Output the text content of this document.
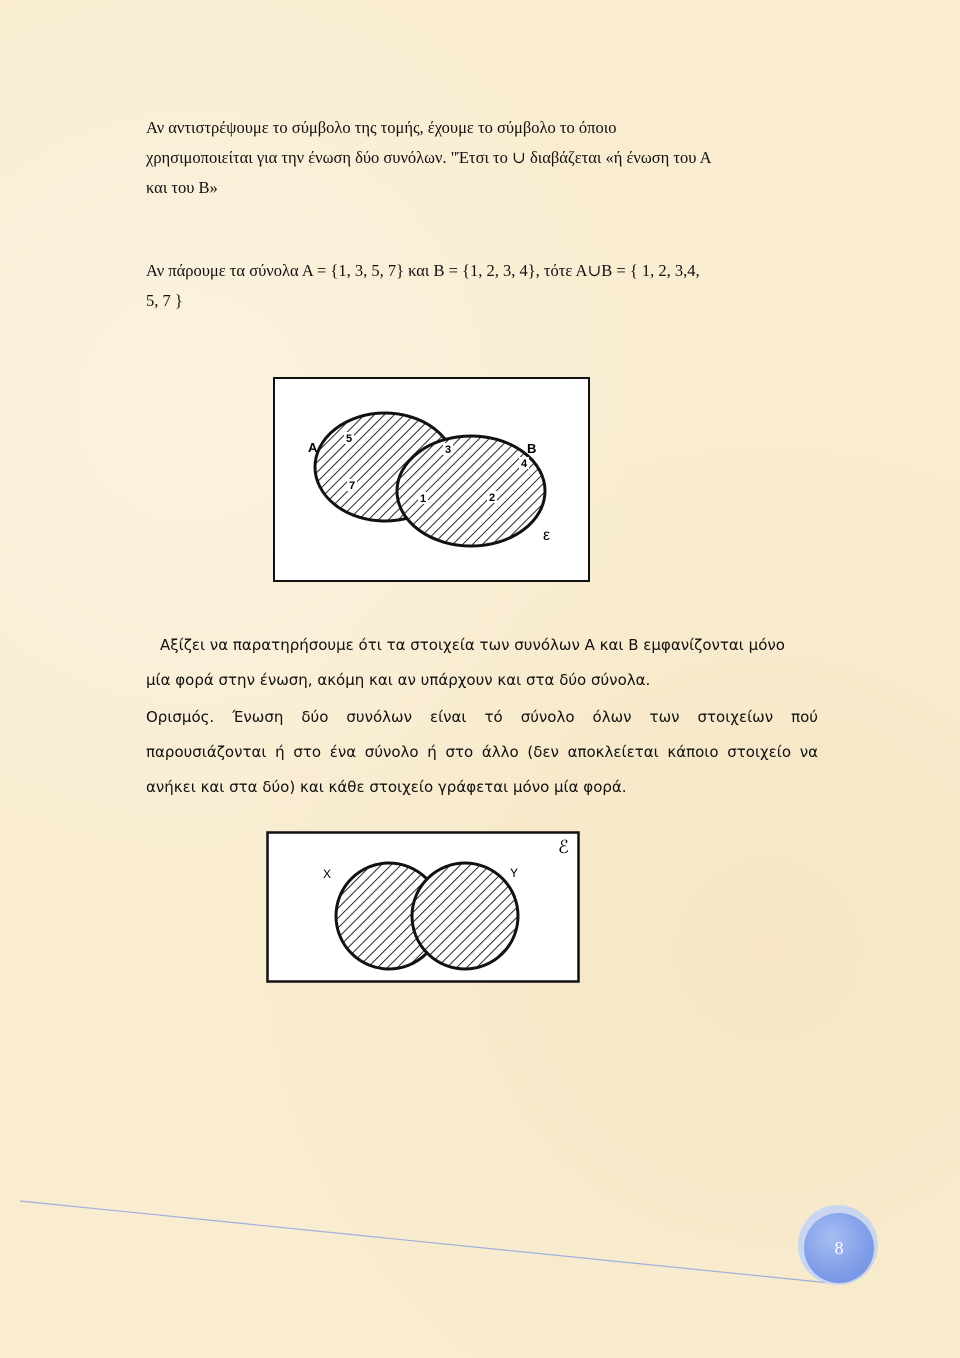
Αν αντιστρέψουμε το σύμβολο της τομής, έχουμε το σύμβολο το όποιο
χρησιμοποιείται για την ένωση δύο συνόλων. "Έτσι το ∪ διαβάζεται «ή ένωση του Α
και του Β»
Αν πάρουμε τα σύνολα Α = {1, 3, 5, 7} και Β = {1, 2, 3, 4}, τότε Α∪Β = { 1, 2, 3,4,
5, 7 }
A	B
ε
5
3
4
7
1	2
Αξίζει να παρατηρήσουμε ότι τα στοιχεία των συνόλων Α και Β εμφανίζονται μόνο
μία φορά στην ένωση, ακόμη και αν υπάρχουν και στα δύο σύνολα.
Ορισμός. Ένωση δύο συνόλων είναι τό σύνολο όλων των στοιχείων πού
παρουσιάζονται ή στο ένα σύνολο ή στο άλλο (δεν αποκλείεται κάποιο στοιχείο να
ανήκει και στα δύο) και κάθε στοιχείο γράφεται μόνο μία φορά.
X	Y
ℰ
8
